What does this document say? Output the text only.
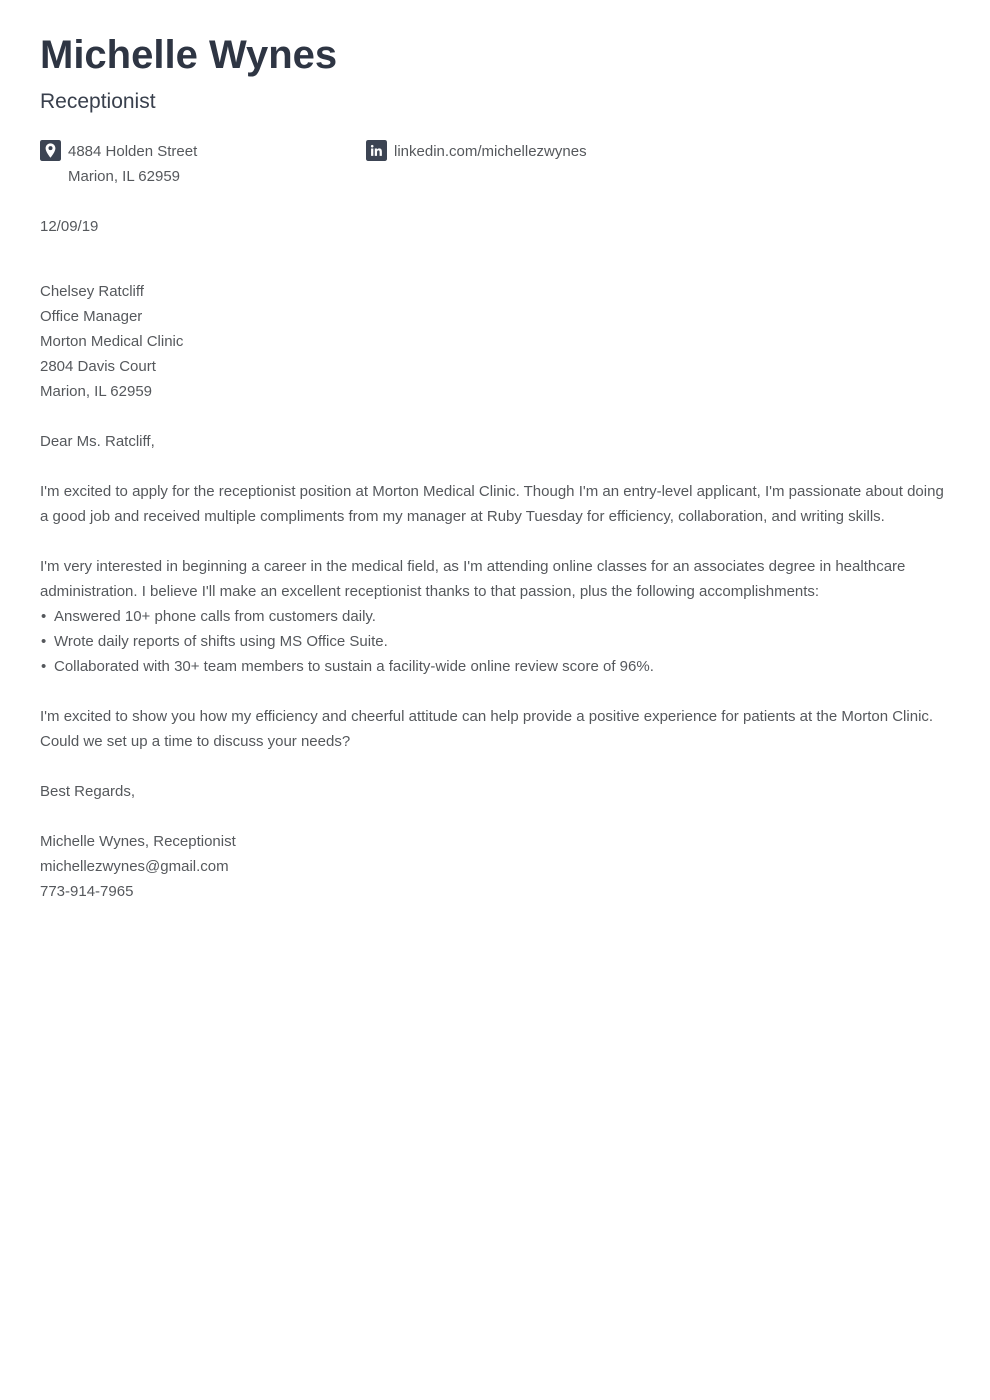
Michelle Wynes
Receptionist
4884 Holden Street
Marion, IL 62959
linkedin.com/michellezwynes
12/09/19
Chelsey Ratcliff
Office Manager
Morton Medical Clinic
2804 Davis Court
Marion, IL 62959

Dear Ms. Ratcliff,

I'm excited to apply for the receptionist position at Morton Medical Clinic. Though I'm an entry-level applicant, I'm passionate about doing a good job and received multiple compliments from my manager at Ruby Tuesday for efficiency, collaboration, and writing skills.

I'm very interested in beginning a career in the medical field, as I'm attending online classes for an associates degree in healthcare administration. I believe I'll make an excellent receptionist thanks to that passion, plus the following accomplishments:

• Answered 10+ phone calls from customers daily.
• Wrote daily reports of shifts using MS Office Suite.
• Collaborated with 30+ team members to sustain a facility-wide online review score of 96%.

I'm excited to show you how my efficiency and cheerful attitude can help provide a positive experience for patients at the Morton Clinic. Could we set up a time to discuss your needs?

Best Regards,

Michelle Wynes, Receptionist
michellezwynes@gmail.com
773-914-7965
